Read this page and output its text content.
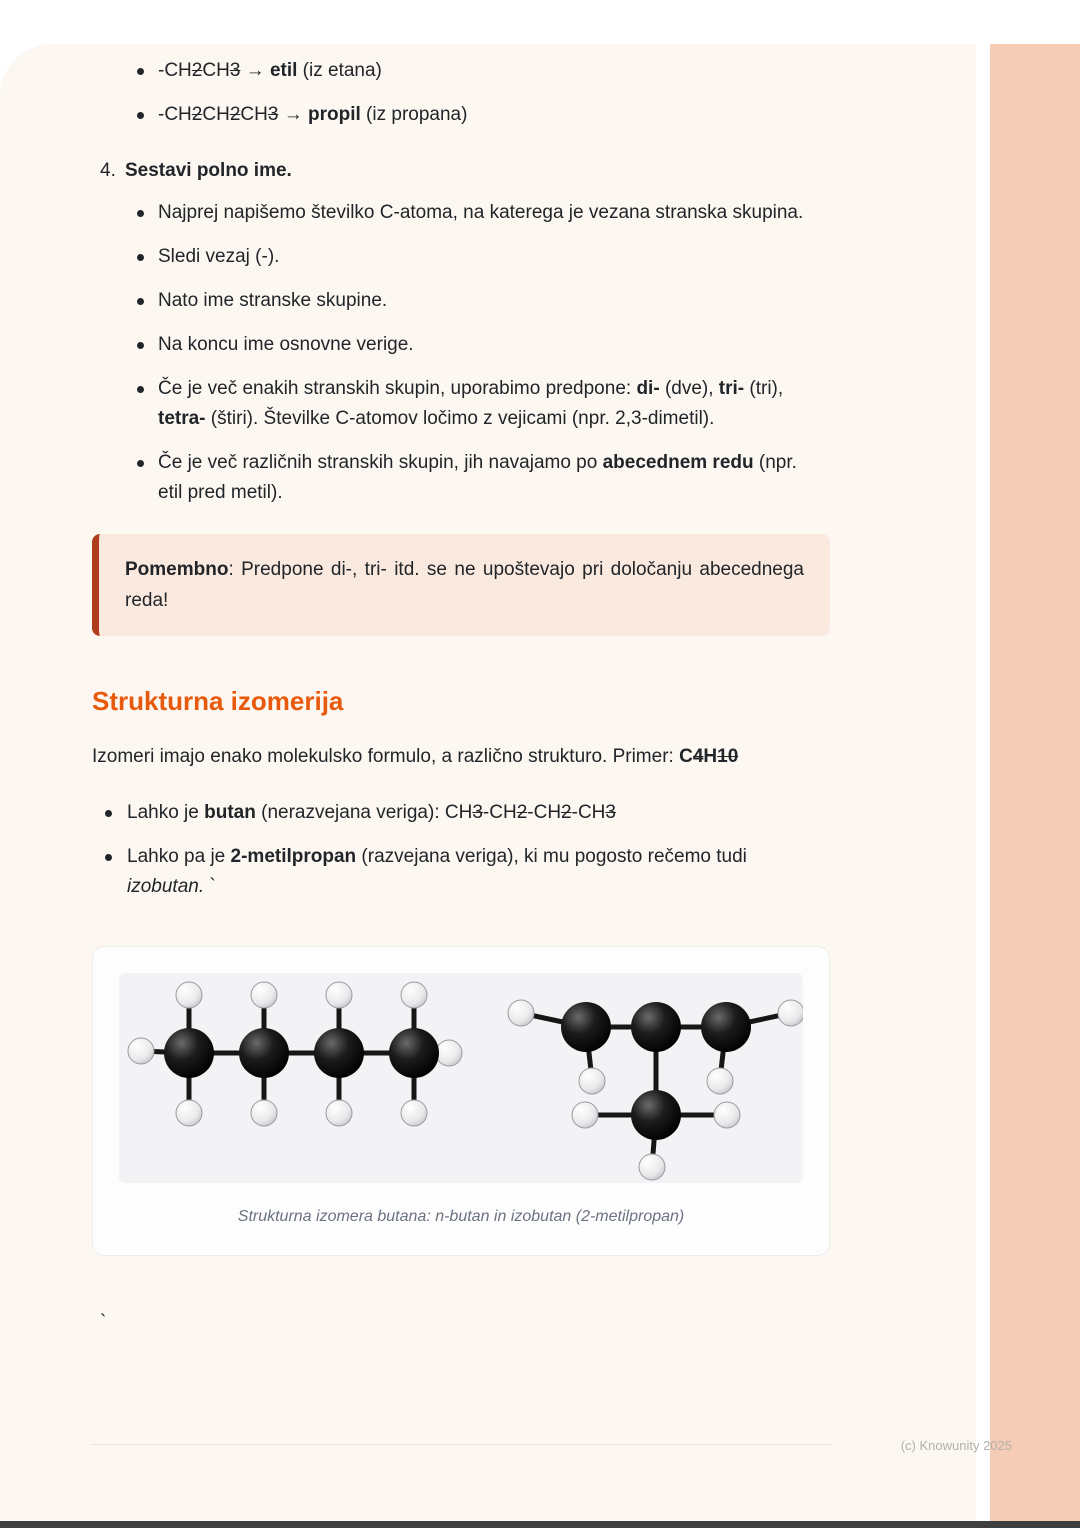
-CH2CH3 → etil (iz etana)
-CH2CH2CH3 → propil (iz propana)
4. Sestavi polno ime.
Najprej napišemo številko C-atoma, na katerega je vezana stranska skupina.
Sledi vezaj (-).
Nato ime stranske skupine.
Na koncu ime osnovne verige.
Če je več enakih stranskih skupin, uporabimo predpone: di- (dve), tri- (tri), tetra- (štiri). Številke C-atomov ločimo z vejicami (npr. 2,3-dimetil).
Če je več različnih stranskih skupin, jih navajamo po abecednem redu (npr. etil pred metil).

Pomembno: Predpone di-, tri- itd. se ne upoštevajo pri določanju abecednega reda!

Strukturna izomerija

Izomeri imajo enako molekulsko formulo, a različno strukturo. Primer: C4H10

Lahko je butan (nerazvejana veriga): CH3-CH2-CH2-CH3
Lahko pa je 2-metilpropan (razvejana veriga), ki mu pogosto rečemo tudi izobutan. `
Strukturna izomera butana: n-butan in izobutan (2-metilpropan)
`
(c) Knowunity 2025
